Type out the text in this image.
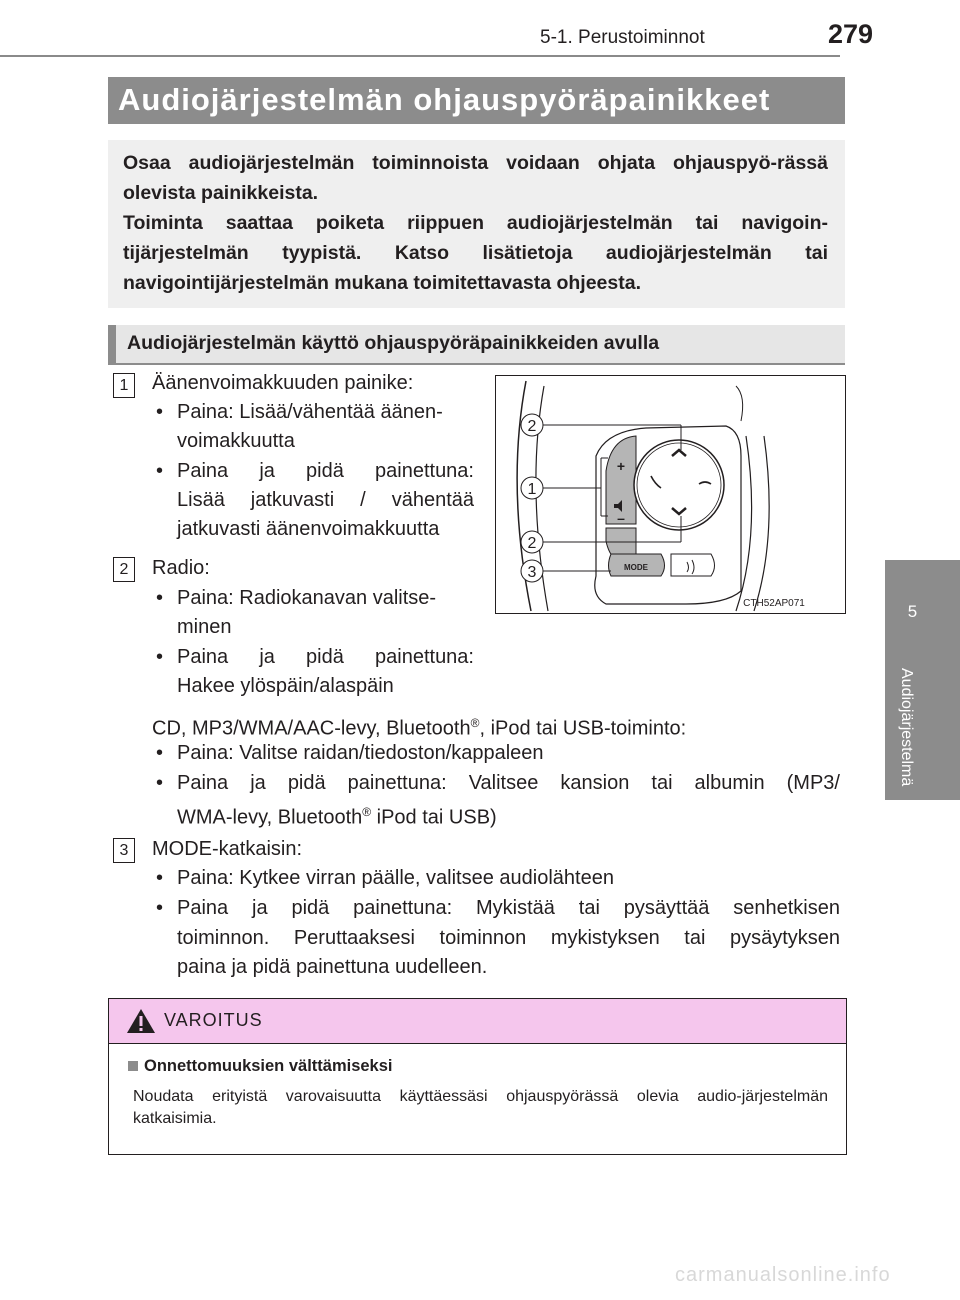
5-1. Perustoiminnot	279
5
Audiojärjestelmä
Audiojärjestelmän ohjauspyöräpainikkeet

Osaa audiojärjestelmän toiminnoista voidaan ohjata ohjauspyö-rässä olevista painikkeista.

Toiminta saattaa poiketa riippuen audiojärjestelmän tai navigoin-tijärjestelmän tyypistä. Katso lisätietoja audiojärjestelmän tai navigointijärjestelmän mukana toimitettavasta ohjeesta.

Audiojärjestelmän käyttö ohjauspyöräpainikkeiden avulla
1	Äänenvoimakkuuden painike:
• Paina: Lisää/vähentää äänen-
voimakkuutta
• Paina ja pidä painettuna:
Lisää jatkuvasti / vähentää
jatkuvasti äänenvoimakkuutta
2	Radio:
• Paina: Radiokanavan valitse-
minen
• Paina ja pidä painettuna:
Hakee ylöspäin/alaspäin
CD, MP3/WMA/AAC-levy, Bluetooth®, iPod tai USB-toiminto:
• Paina: Valitse raidan/tiedoston/kappaleen
• Paina ja pidä painettuna: Valitsee kansion tai albumin (MP3/
WMA-levy, Bluetooth® iPod tai USB)
3	MODE-katkaisin:
• Paina: Kytkee virran päälle, valitsee audiolähteen
• Paina ja pidä painettuna: Mykistää tai pysäyttää senhetkisen
toiminnon. Peruttaaksesi toiminnon mykistyksen tai pysäytyksen
paina ja pidä painettuna uudelleen.
+
–
MODE
2
1
2
3
CTH52AP071
VAROITUS
Onnettomuuksien välttämiseksi
Noudata erityistä varovaisuutta käyttäessäsi ohjauspyörässä olevia audio-järjestelmän katkaisimia.
carmanualsonline.info
